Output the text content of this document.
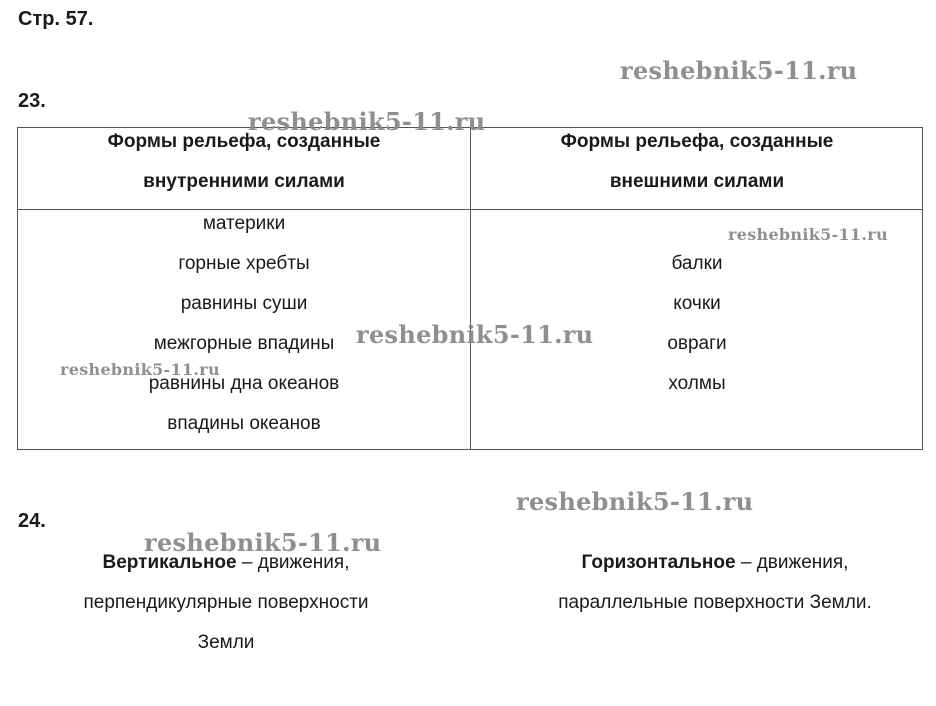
Стр. 57.
23.
Формы рельефа, созданные
внутренними силами
Формы рельефа, созданные
внешними силами
материки
горные хребты
равнины суши
межгорные впадины
равнины дна океанов
впадины океанов
балки
кочки
овраги
холмы
24.
Вертикальное – движения,
перпендикулярные поверхности
Земли
Горизонтальное – движения,
параллельные поверхности Земли.
reshebnik5-11.ru
reshebnik5-11.ru
reshebnik5-11.ru
reshebnik5-11.ru
reshebnik5-11.ru
reshebnik5-11.ru
reshebnik5-11.ru
